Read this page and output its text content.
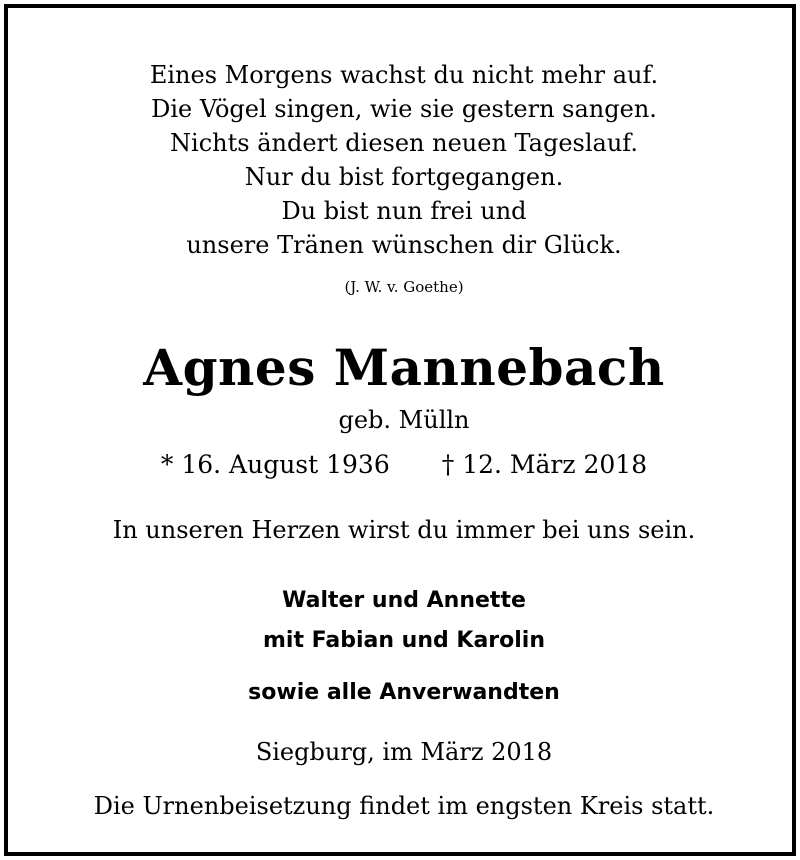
Eines Morgens wachst du nicht mehr auf.
Die Vögel singen, wie sie gestern sangen.
Nichts ändert diesen neuen Tageslauf.
Nur du bist fortgegangen.
Du bist nun frei und
unsere Tränen wünschen dir Glück.
(J. W. v. Goethe)
Agnes Mannebach
geb. Mülln
* 16. August 1936 † 12. März 2018
In unseren Herzen wirst du immer bei uns sein.
Walter und Annette
mit Fabian und Karolin
sowie alle Anverwandten
Siegburg, im März 2018
Die Urnenbeisetzung findet im engsten Kreis statt.
